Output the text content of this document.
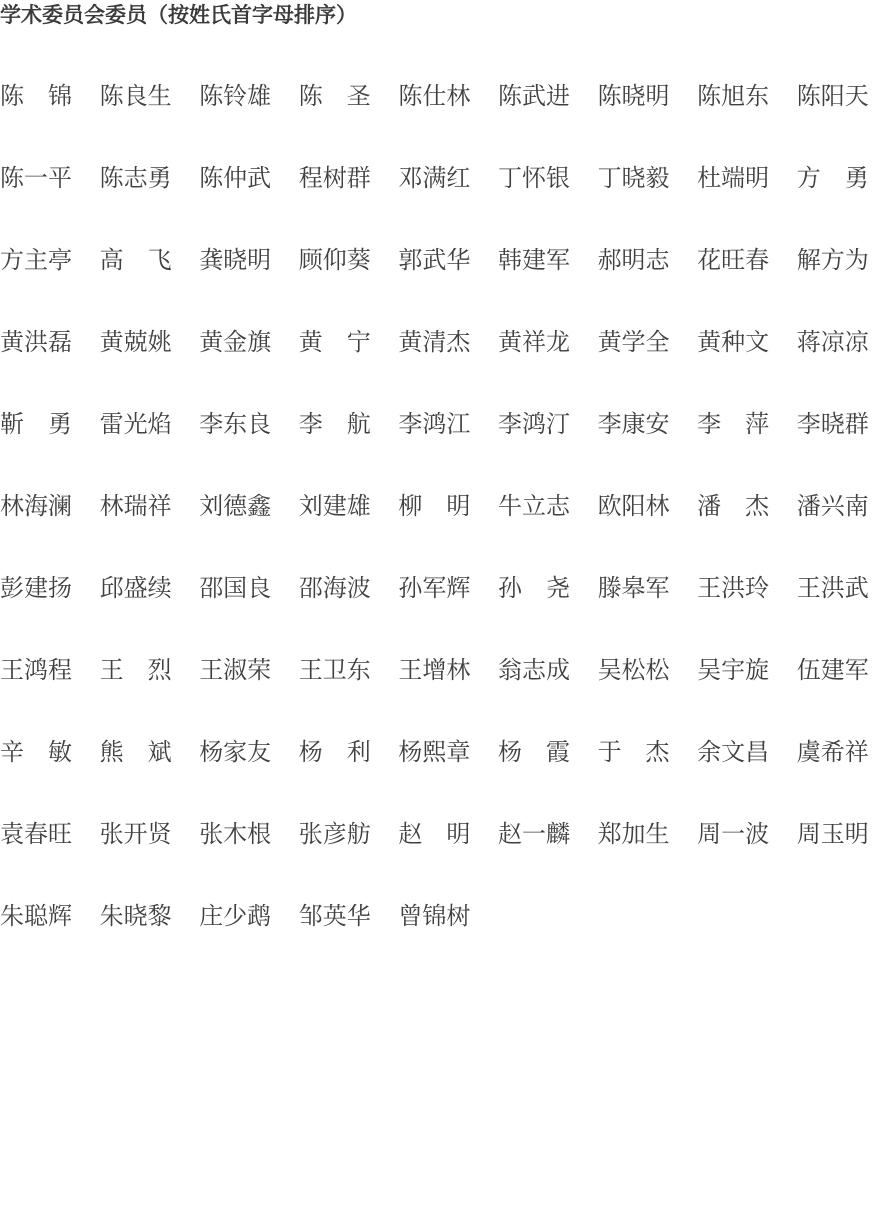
学术委员会委员（按姓氏首字母排序）
陈　锦	陈良生	陈铃雄	陈　圣	陈仕林	陈武进	陈晓明	陈旭东	陈阳天
陈一平	陈志勇	陈仲武	程树群	邓满红	丁怀银	丁晓毅	杜端明	方　勇
方主亭	高　飞	龚晓明	顾仰葵	郭武华	韩建军	郝明志	花旺春	解方为
黄洪磊	黄兢姚	黄金旗	黄　宁	黄清杰	黄祥龙	黄学全	黄种文	蒋凉凉
靳　勇	雷光焰	李东良	李　航	李鸿江	李鸿汀	李康安	李　萍	李晓群
林海澜	林瑞祥	刘德鑫	刘建雄	柳　明	牛立志	欧阳林	潘　杰	潘兴南
彭建扬	邱盛续	邵国良	邵海波	孙军辉	孙　尧	滕皋军	王洪玲	王洪武
王鸿程	王　烈	王淑荣	王卫东	王增林	翁志成	吴松松	吴宇旋	伍建军
辛　敏	熊　斌	杨家友	杨　利	杨熙章	杨　霞	于　杰	余文昌	虞希祥
袁春旺	张开贤	张木根	张彦舫	赵　明	赵一麟	郑加生	周一波	周玉明
朱聪辉	朱晓黎	庄少鹉	邹英华	曾锦树
